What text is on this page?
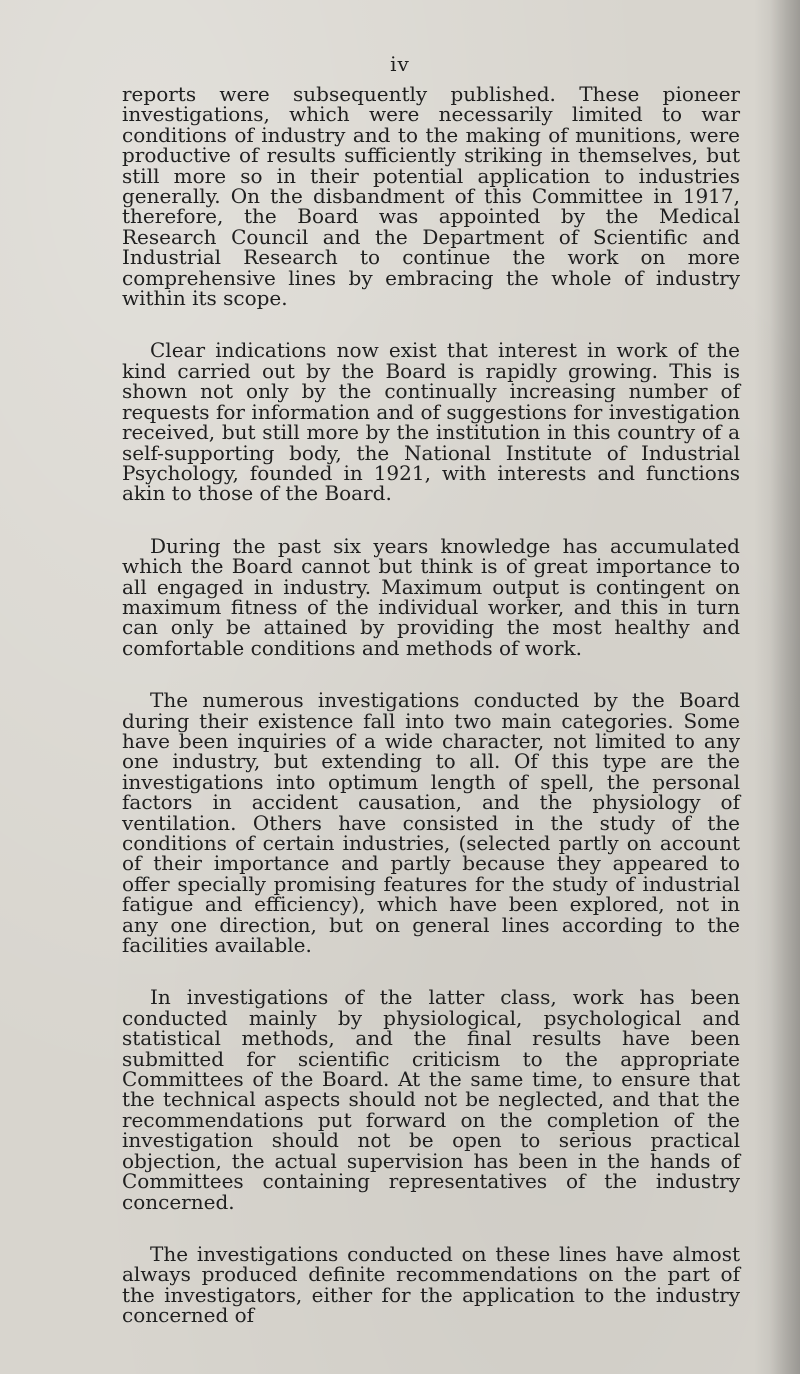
iv

reports were subsequently published. These pioneer investigations, which were necessarily limited to war conditions of industry and to the making of munitions, were productive of results sufficiently striking in themselves, but still more so in their potential application to industries generally. On the disbandment of this Committee in 1917, therefore, the Board was appointed by the Medical Research Council and the Department of Scientific and Industrial Research to continue the work on more comprehensive lines by embracing the whole of industry within its scope.

Clear indications now exist that interest in work of the kind carried out by the Board is rapidly growing. This is shown not only by the continually increasing number of requests for information and of suggestions for investigation received, but still more by the institution in this country of a self-supporting body, the National Institute of Industrial Psychology, founded in 1921, with interests and functions akin to those of the Board.

During the past six years knowledge has accumulated which the Board cannot but think is of great importance to all engaged in industry. Maximum output is contingent on maximum fitness of the individual worker, and this in turn can only be attained by providing the most healthy and comfortable conditions and methods of work.

The numerous investigations conducted by the Board during their existence fall into two main categories. Some have been inquiries of a wide character, not limited to any one industry, but extending to all. Of this type are the investigations into optimum length of spell, the personal factors in accident causation, and the physiology of ventilation. Others have consisted in the study of the conditions of certain industries, (selected partly on account of their importance and partly because they appeared to offer specially promising features for the study of industrial fatigue and efficiency), which have been explored, not in any one direction, but on general lines according to the facilities available.

In investigations of the latter class, work has been conducted mainly by physiological, psychological and statistical methods, and the final results have been submitted for scientific criticism to the appropriate Committees of the Board. At the same time, to ensure that the technical aspects should not be neglected, and that the recommendations put forward on the completion of the investigation should not be open to serious practical objection, the actual supervision has been in the hands of Committees containing representatives of the industry concerned.

The investigations conducted on these lines have almost always produced definite recommendations on the part of the investigators, either for the application to the industry concerned of
